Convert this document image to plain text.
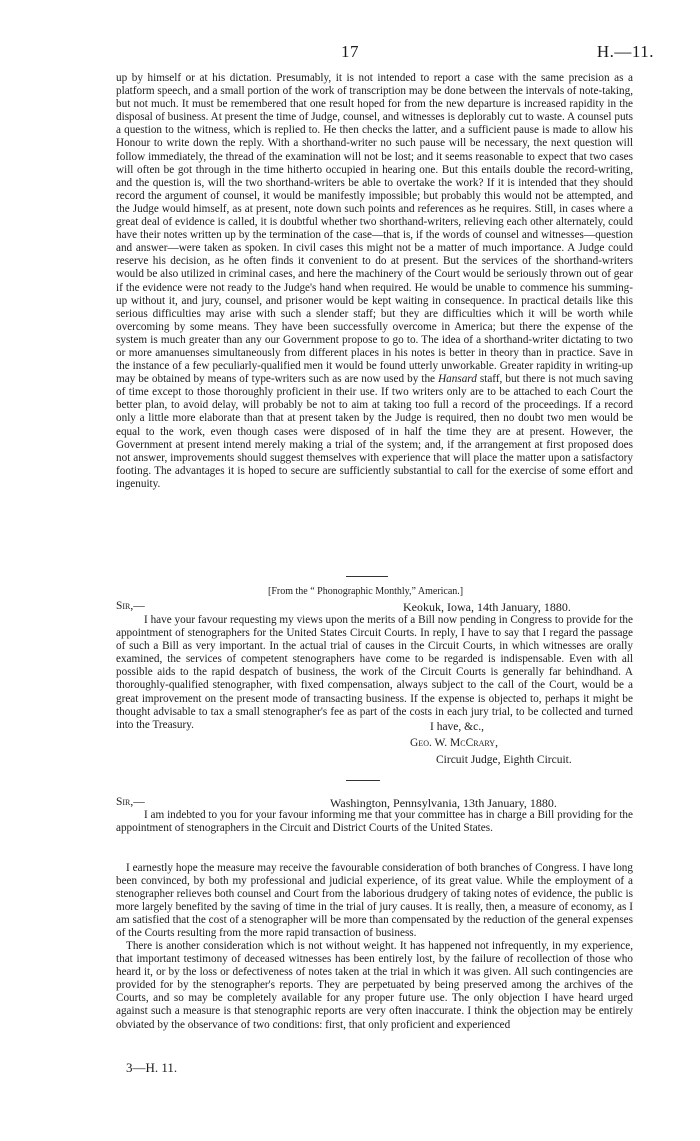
17	H.—11.
up by himself or at his dictation. Presumably, it is not intended to report a case with the same precision as a platform speech, and a small portion of the work of transcription may be done between the intervals of note-taking, but not much. It must be remembered that one result hoped for from the new departure is increased rapidity in the disposal of business. At present the time of Judge, counsel, and witnesses is deplorably cut to waste. A counsel puts a question to the witness, which is replied to. He then checks the latter, and a sufficient pause is made to allow his Honour to write down the reply. With a shorthand-writer no such pause will be necessary, the next question will follow immediately, the thread of the examination will not be lost; and it seems reasonable to expect that two cases will often be got through in the time hitherto occupied in hearing one. But this entails double the record-writing, and the question is, will the two shorthand-writers be able to overtake the work? If it is intended that they should record the argument of counsel, it would be manifestly impossible; but probably this would not be attempted, and the Judge would himself, as at present, note down such points and references as he requires. Still, in cases where a great deal of evidence is called, it is doubtful whether two shorthand-writers, relieving each other alternately, could have their notes written up by the termination of the case—that is, if the words of counsel and witnesses—question and answer—were taken as spoken. In civil cases this might not be a matter of much importance. A Judge could reserve his decision, as he often finds it convenient to do at present. But the services of the shorthand-writers would be also utilized in criminal cases, and here the machinery of the Court would be seriously thrown out of gear if the evidence were not ready to the Judge's hand when required. He would be unable to commence his summing-up without it, and jury, counsel, and prisoner would be kept waiting in consequence. In practical details like this serious difficulties may arise with such a slender staff; but they are difficulties which it will be worth while overcoming by some means. They have been successfully overcome in America; but there the expense of the system is much greater than any our Government propose to go to. The idea of a shorthand-writer dictating to two or more amanuenses simultaneously from different places in his notes is better in theory than in practice. Save in the instance of a few peculiarly-qualified men it would be found utterly unworkable. Greater rapidity in writing-up may be obtained by means of type-writers such as are now used by the Hansard staff, but there is not much saving of time except to those thoroughly proficient in their use. If two writers only are to be attached to each Court the better plan, to avoid delay, will probably be not to aim at taking too full a record of the proceedings. If a record only a little more elaborate than that at present taken by the Judge is required, then no doubt two men would be equal to the work, even though cases were disposed of in half the time they are at present. However, the Government at present intend merely making a trial of the system; and, if the arrangement at first proposed does not answer, improvements should suggest themselves with experience that will place the matter upon a satisfactory footing. The advantages it is hoped to secure are sufficiently substantial to call for the exercise of some effort and ingenuity.
[From the “ Phonographic Monthly,” American.]
Sir,—	Keokuk, Iowa, 14th January, 1880.
I have your favour requesting my views upon the merits of a Bill now pending in Congress to provide for the appointment of stenographers for the United States Circuit Courts. In reply, I have to say that I regard the passage of such a Bill as very important. In the actual trial of causes in the Circuit Courts, in which witnesses are orally examined, the services of competent stenographers have come to be regarded is indispensable. Even with all possible aids to the rapid despatch of business, the work of the Circuit Courts is generally far behindhand. A thoroughly-qualified stenographer, with fixed compensation, always subject to the call of the Court, would be a great improvement on the present mode of transacting business. If the expense is objected to, perhaps it might be thought advisable to tax a small stenographer's fee as part of the costs in each jury trial, to be collected and turned into the Treasury.	I have, &c.,
Geo. W. McCrary,
Circuit Judge, Eighth Circuit.
Sir,—	Washington, Pennsylvania, 13th January, 1880.
I am indebted to you for your favour informing me that your committee has in charge a Bill providing for the appointment of stenographers in the Circuit and District Courts of the United States.
I earnestly hope the measure may receive the favourable consideration of both branches of Congress. I have long been convinced, by both my professional and judicial experience, of its great value. While the employment of a stenographer relieves both counsel and Court from the laborious drudgery of taking notes of evidence, the public is more largely benefited by the saving of time in the trial of jury causes. It is really, then, a measure of economy, as I am satisfied that the cost of a stenographer will be more than compensated by the reduction of the general expenses of the Courts resulting from the more rapid transaction of business.
There is another consideration which is not without weight. It has happened not infrequently, in my experience, that important testimony of deceased witnesses has been entirely lost, by the failure of recollection of those who heard it, or by the loss or defectiveness of notes taken at the trial in which it was given. All such contingencies are provided for by the stenographer's reports. They are perpetuated by being preserved among the archives of the Courts, and so may be completely available for any proper future use. The only objection I have heard urged against such a measure is that stenographic reports are very often inaccurate. I think the objection may be entirely obviated by the observance of two conditions: first, that only proficient and experienced
3—H. 11.
